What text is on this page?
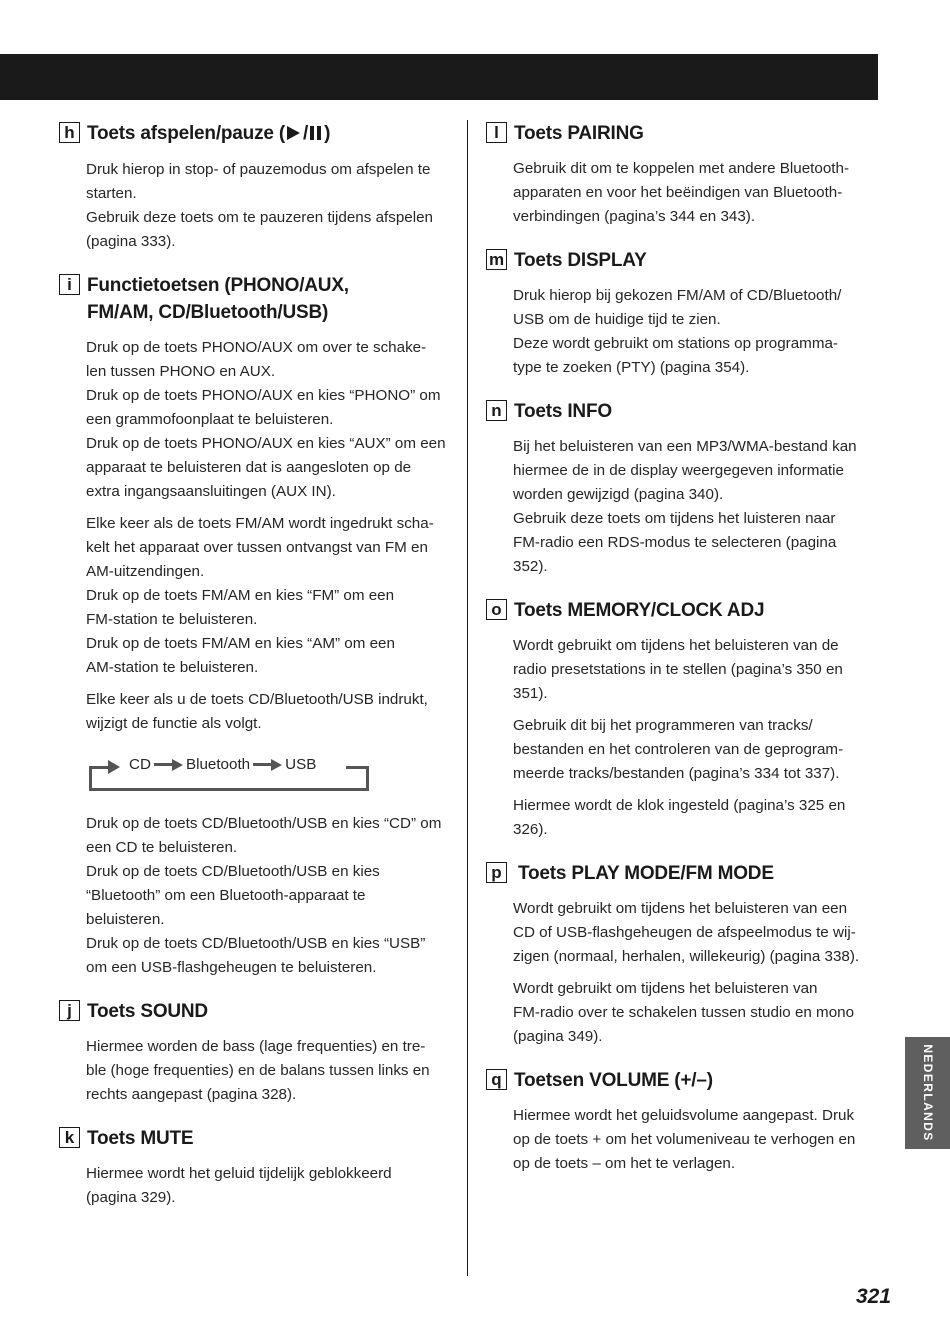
h Toets afspelen/pauze ( / )

Druk hierop in stop- of pauzemodus om afspelen te
starten.

Gebruik deze toets om te pauzeren tijdens afspelen
(pagina 333).

i Functietoetsen (PHONO/AUX,
FM/AM, CD/Bluetooth/USB)

Druk op de toets PHONO/AUX om over te schake-
len tussen PHONO en AUX.
Druk op de toets PHONO/AUX en kies “PHONO” om
een grammofoonplaat te beluisteren.
Druk op de toets PHONO/AUX en kies “AUX” om een
apparaat te beluisteren dat is aangesloten op de
extra ingangsaansluitingen (AUX IN).

Elke keer als de toets FM/AM wordt ingedrukt scha-
kelt het apparaat over tussen ontvangst van FM en
AM-uitzendingen.
Druk op de toets FM/AM en kies “FM” om een
FM-station te beluisteren.
Druk op de toets FM/AM en kies “AM” om een
AM-station te beluisteren.

Elke keer als u de toets CD/Bluetooth/USB indrukt,
wijzigt de functie als volgt.

CD Bluetooth USB

Druk op de toets CD/Bluetooth/USB en kies “CD” om
een CD te beluisteren.
Druk op de toets CD/Bluetooth/USB en kies
“Bluetooth” om een Bluetooth-apparaat te
beluisteren.
Druk op de toets CD/Bluetooth/USB en kies “USB”
om een USB-flashgeheugen te beluisteren.

j Toets SOUND

Hiermee worden de bass (lage frequenties) en tre-
ble (hoge frequenties) en de balans tussen links en
rechts aangepast (pagina 328).

k Toets MUTE

Hiermee wordt het geluid tijdelijk geblokkeerd
(pagina 329).

l Toets PAIRING

Gebruik dit om te koppelen met andere Bluetooth-
apparaten en voor het beëindigen van Bluetooth-
verbindingen (pagina’s 344 en 343).

m Toets DISPLAY

Druk hierop bij gekozen FM/AM of CD/Bluetooth/
USB om de huidige tijd te zien.
Deze wordt gebruikt om stations op programma-
type te zoeken (PTY) (pagina 354).

n Toets INFO

Bij het beluisteren van een MP3/WMA-bestand kan
hiermee de in de display weergegeven informatie
worden gewijzigd (pagina 340).
Gebruik deze toets om tijdens het luisteren naar
FM-radio een RDS-modus te selecteren (pagina
352).

o Toets MEMORY/CLOCK ADJ

Wordt gebruikt om tijdens het beluisteren van de
radio presetstations in te stellen (pagina’s 350 en
351).

Gebruik dit bij het programmeren van tracks/
bestanden en het controleren van de geprogram-
meerde tracks/bestanden (pagina’s 334 tot 337).

Hiermee wordt de klok ingesteld (pagina’s 325 en
326).

p Toets PLAY MODE/FM MODE

Wordt gebruikt om tijdens het beluisteren van een
CD of USB-flashgeheugen de afspeelmodus te wij-
zigen (normaal, herhalen, willekeurig) (pagina 338).

Wordt gebruikt om tijdens het beluisteren van
FM-radio over te schakelen tussen studio en mono
(pagina 349).

q Toetsen VOLUME (+/–)

Hiermee wordt het geluidsvolume aangepast. Druk
op de toets + om het volumeniveau te verhogen en
op de toets – om het te verlagen.

NEDERLANDS
321
